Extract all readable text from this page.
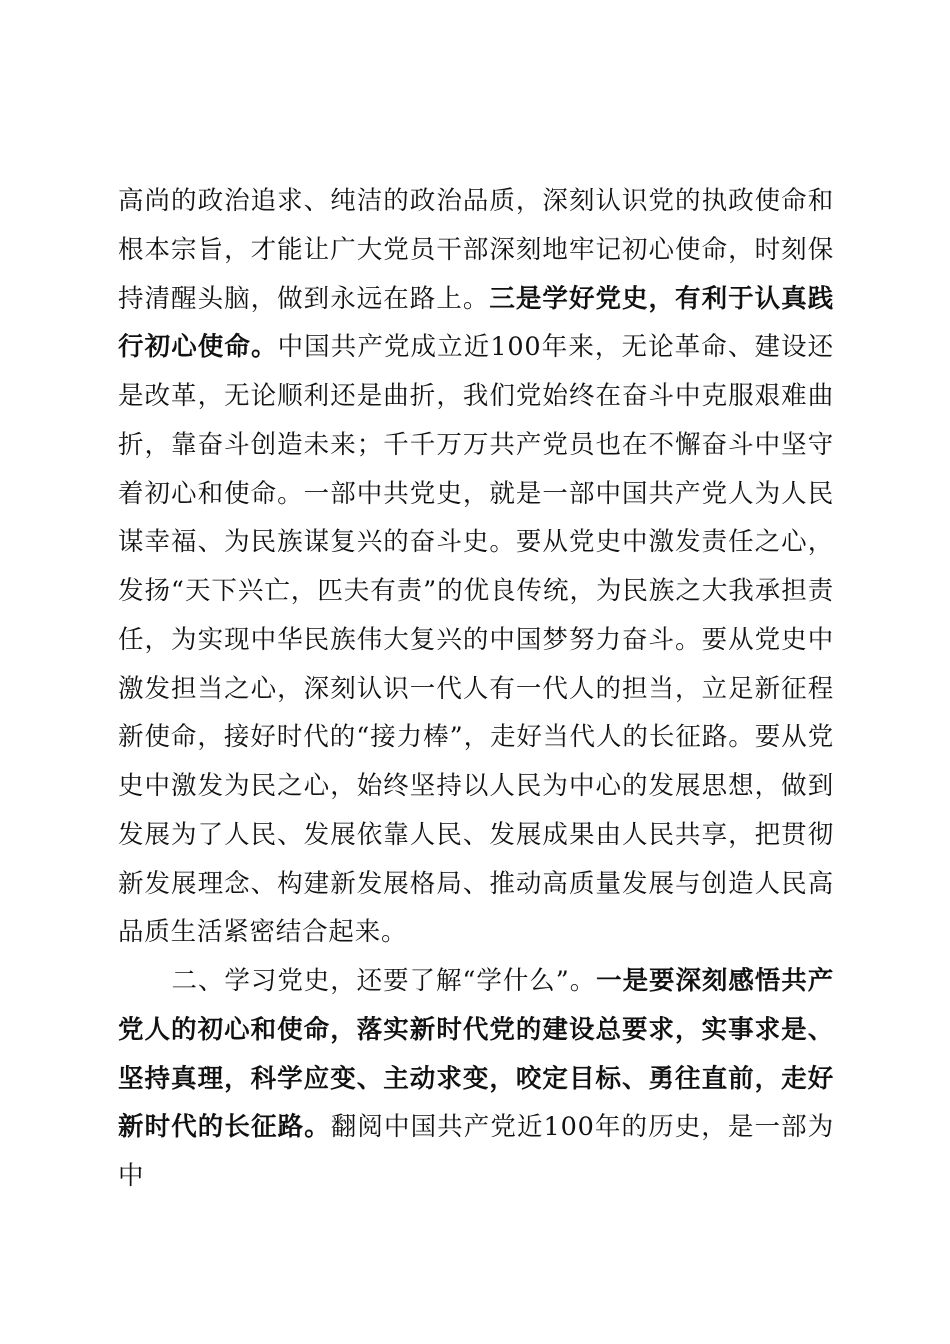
高尚的政治追求、纯洁的政治品质，深刻认识党的执政使命和根本宗旨，才能让广大党员干部深刻地牢记初心使命，时刻保持清醒头脑，做到永远在路上。三是学好党史，有利于认真践行初心使命。中国共产党成立近100年来，无论革命、建设还是改革，无论顺利还是曲折，我们党始终在奋斗中克服艰难曲折，靠奋斗创造未来；千千万万共产党员也在不懈奋斗中坚守着初心和使命。一部中共党史，就是一部中国共产党人为人民谋幸福、为民族谋复兴的奋斗史。要从党史中激发责任之心，发扬“天下兴亡，匹夫有责”的优良传统，为民族之大我承担责任，为实现中华民族伟大复兴的中国梦努力奋斗。要从党史中激发担当之心，深刻认识一代人有一代人的担当，立足新征程新使命，接好时代的“接力棒”，走好当代人的长征路。要从党史中激发为民之心，始终坚持以人民为中心的发展思想，做到发展为了人民、发展依靠人民、发展成果由人民共享，把贯彻新发展理念、构建新发展格局、推动高质量发展与创造人民高品质生活紧密结合起来。

二、学习党史，还要了解“学什么”。一是要深刻感悟共产党人的初心和使命，落实新时代党的建设总要求，实事求是、坚持真理，科学应变、主动求变，咬定目标、勇往直前，走好新时代的长征路。翻阅中国共产党近100年的历史，是一部为中
